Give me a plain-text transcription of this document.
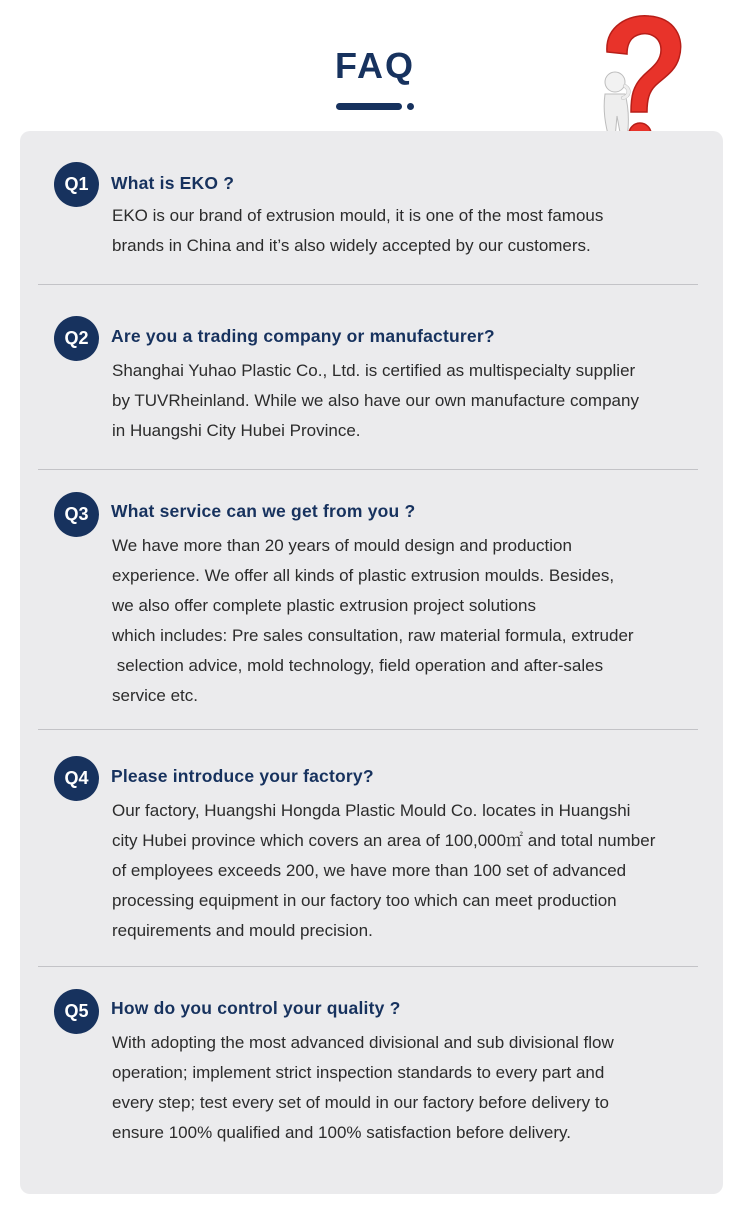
FAQ
Q1	What is EKO ?
EKO is our brand of extrusion mould, it is one of the most famous
brands in China and it’s also widely accepted by our customers.
Q2	Are you a trading company or manufacturer?
Shanghai Yuhao Plastic Co., Ltd. is certified as multispecialty supplier
by TUVRheinland. While we also have our own manufacture company
in Huangshi City Hubei Province.
Q3	What service can we get from you ?
We have more than 20 years of mould design and production
experience. We offer all kinds of plastic extrusion moulds. Besides,
we also offer complete plastic extrusion project solutions
which includes: Pre sales consultation, raw material formula, extruder
selection advice, mold technology, field operation and after-sales
service etc.
Q4	Please introduce your factory?
Our factory, Huangshi Hongda Plastic Mould Co. locates in Huangshi
city Hubei province which covers an area of 100,000㎡ and total number
of employees exceeds 200, we have more than 100 set of advanced
processing equipment in our factory too which can meet production
requirements and mould precision.
Q5	How do you control your quality ?
With adopting the most advanced divisional and sub divisional flow
operation; implement strict inspection standards to every part and
every step; test every set of mould in our factory before delivery to
ensure 100% qualified and 100% satisfaction before delivery.
